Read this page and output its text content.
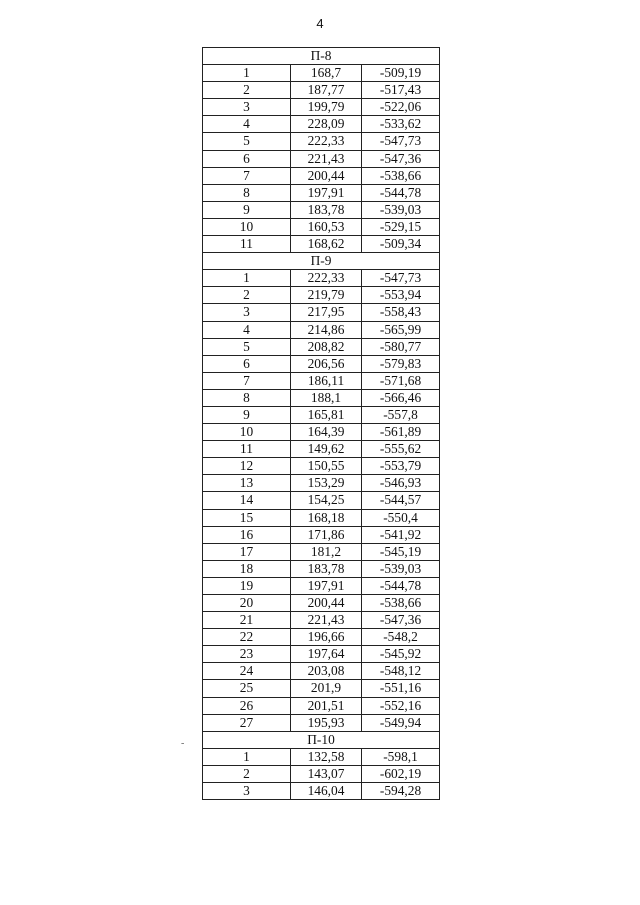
4
-
П-8		
1	168,7	-509,19
2	187,77	-517,43
3	199,79	-522,06
4	228,09	-533,62
5	222,33	-547,73
6	221,43	-547,36
7	200,44	-538,66
8	197,91	-544,78
9	183,78	-539,03
10	160,53	-529,15
11	168,62	-509,34
П-9		
1	222,33	-547,73
2	219,79	-553,94
3	217,95	-558,43
4	214,86	-565,99
5	208,82	-580,77
6	206,56	-579,83
7	186,11	-571,68
8	188,1	-566,46
9	165,81	-557,8
10	164,39	-561,89
11	149,62	-555,62
12	150,55	-553,79
13	153,29	-546,93
14	154,25	-544,57
15	168,18	-550,4
16	171,86	-541,92
17	181,2	-545,19
18	183,78	-539,03
19	197,91	-544,78
20	200,44	-538,66
21	221,43	-547,36
22	196,66	-548,2
23	197,64	-545,92
24	203,08	-548,12
25	201,9	-551,16
26	201,51	-552,16
27	195,93	-549,94
П-10		
1	132,58	-598,1
2	143,07	-602,19
3	146,04	-594,28
